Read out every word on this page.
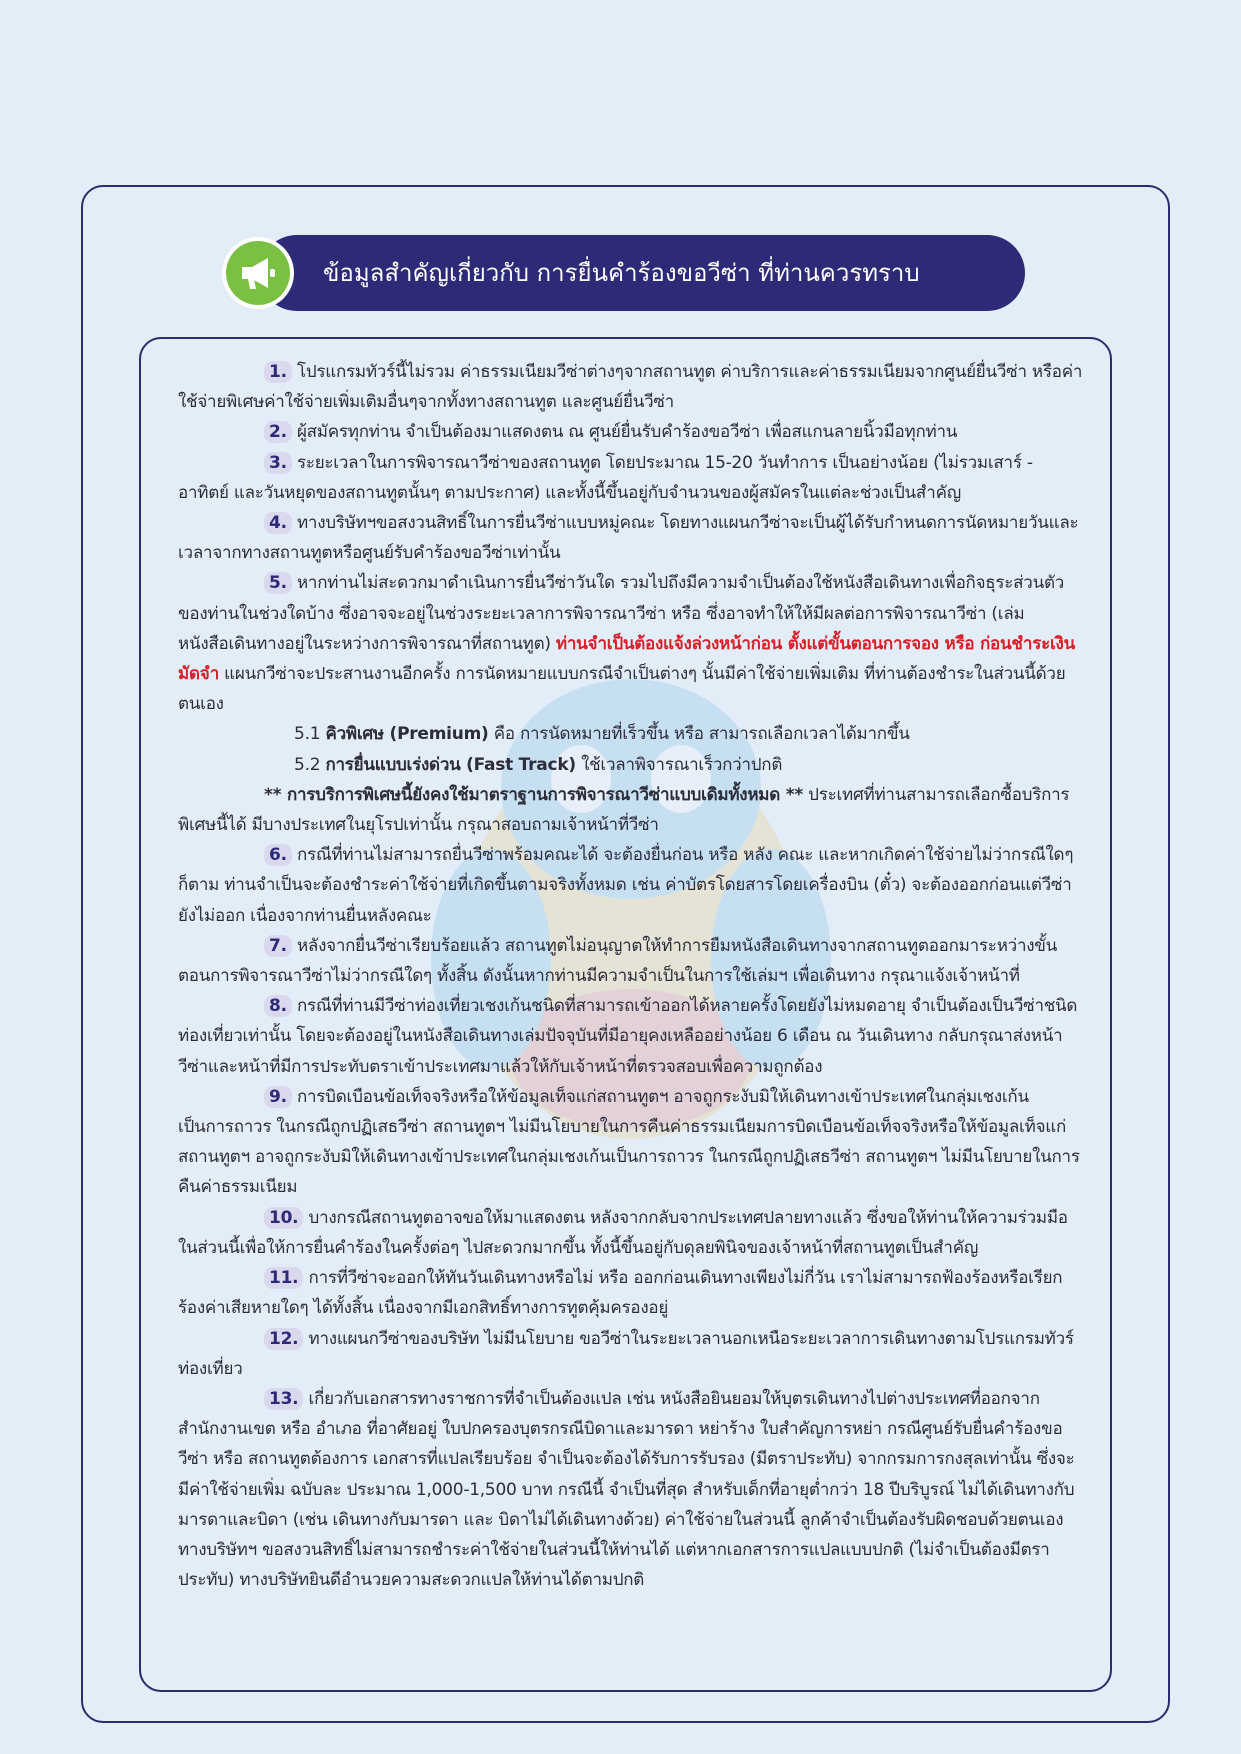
ข้อมูลสำคัญเกี่ยวกับ การยื่นคำร้องขอวีซ่า ที่ท่านควรทราบ

1. โปรแกรมทัวร์นี้ไม่รวม ค่าธรรมเนียมวีซ่าต่างๆจากสถานทูต ค่าบริการและค่าธรรมเนียมจากศูนย์ยื่นวีซ่า หรือค่าใช้จ่ายพิเศษค่าใช้จ่ายเพิ่มเติมอื่นๆจากทั้งทางสถานทูต และศูนย์ยื่นวีซ่า

2. ผู้สมัครทุกท่าน จำเป็นต้องมาแสดงตน ณ ศูนย์ยื่นรับคำร้องขอวีซ่า เพื่อสแกนลายนิ้วมือทุกท่าน

3. ระยะเวลาในการพิจารณาวีซ่าของสถานทูต โดยประมาณ 15-20 วันทำการ เป็นอย่างน้อย (ไม่รวมเสาร์ - อาทิตย์ และวันหยุดของสถานทูตนั้นๆ ตามประกาศ) และทั้งนี้ขึ้นอยู่กับจำนวนของผู้สมัครในแต่ละช่วงเป็นสำคัญ

4. ทางบริษัทฯขอสงวนสิทธิ์ในการยื่นวีซ่าแบบหมู่คณะ โดยทางแผนกวีซ่าจะเป็นผู้ได้รับกำหนดการนัดหมายวันและเวลาจากทางสถานทูตหรือศูนย์รับคำร้องขอวีซ่าเท่านั้น

5. หากท่านไม่สะดวกมาดำเนินการยื่นวีซ่าวันใด รวมไปถึงมีความจำเป็นต้องใช้หนังสือเดินทางเพื่อกิจธุระส่วนตัวของท่านในช่วงใดบ้าง ซึ่งอาจจะอยู่ในช่วงระยะเวลาการพิจารณาวีซ่า หรือ ซึ่งอาจทำให้ให้มีผลต่อการพิจารณาวีซ่า (เล่มหนังสือเดินทางอยู่ในระหว่างการพิจารณาที่สถานทูต) ท่านจำเป็นต้องแจ้งล่วงหน้าก่อน ตั้งแต่ขั้นตอนการจอง หรือ ก่อนชำระเงินมัดจำ แผนกวีซ่าจะประสานงานอีกครั้ง การนัดหมายแบบกรณีจำเป็นต่างๆ นั้นมีค่าใช้จ่ายเพิ่มเติม ที่ท่านต้องชำระในส่วนนี้ด้วยตนเอง

5.1 คิวพิเศษ (Premium) คือ การนัดหมายที่เร็วขึ้น หรือ สามารถเลือกเวลาได้มากขึ้น

5.2 การยื่นแบบเร่งด่วน (Fast Track) ใช้เวลาพิจารณาเร็วกว่าปกติ

** การบริการพิเศษนี้ยังคงใช้มาตราฐานการพิจารณาวีซ่าแบบเดิมทั้งหมด ** ประเทศที่ท่านสามารถเลือกซื้อบริการพิเศษนี้ได้ มีบางประเทศในยุโรปเท่านั้น กรุณาสอบถามเจ้าหน้าที่วีซ่า

6. กรณีที่ท่านไม่สามารถยื่นวีซ่าพร้อมคณะได้ จะต้องยื่นก่อน หรือ หลัง คณะ และหากเกิดค่าใช้จ่ายไม่ว่ากรณีใดๆ ก็ตาม ท่านจำเป็นจะต้องชำระค่าใช้จ่ายที่เกิดขึ้นตามจริงทั้งหมด เช่น ค่าบัตรโดยสารโดยเครื่องบิน (ตั๋ว) จะต้องออกก่อนแต่วีซ่ายังไม่ออก เนื่องจากท่านยื่นหลังคณะ

7. หลังจากยื่นวีซ่าเรียบร้อยแล้ว สถานทูตไม่อนุญาตให้ทำการยืมหนังสือเดินทางจากสถานทูตออกมาระหว่างขั้นตอนการพิจารณาวีซ่าไม่ว่ากรณีใดๆ ทั้งสิ้น ดังนั้นหากท่านมีความจำเป็นในการใช้เล่มฯ เพื่อเดินทาง กรุณาแจ้งเจ้าหน้าที่

8. กรณีที่ท่านมีวีซ่าท่องเที่ยวเชงเก้นชนิดที่สามารถเข้าออกได้หลายครั้งโดยยังไม่หมดอายุ จำเป็นต้องเป็นวีซ่าชนิดท่องเที่ยวเท่านั้น โดยจะต้องอยู่ในหนังสือเดินทางเล่มปัจจุบันที่มีอายุคงเหลืออย่างน้อย 6 เดือน ณ วันเดินทาง กลับกรุณาส่งหน้าวีซ่าและหน้าที่มีการประทับตราเข้าประเทศมาแล้วให้กับเจ้าหน้าที่ตรวจสอบเพื่อความถูกต้อง

9. การบิดเบือนข้อเท็จจริงหรือให้ข้อมูลเท็จแก่สถานทูตฯ อาจถูกระงับมิให้เดินทางเข้าประเทศในกลุ่มเชงเก้นเป็นการถาวร ในกรณีถูกปฏิเสธวีซ่า สถานทูตฯ ไม่มีนโยบายในการคืนค่าธรรมเนียมการบิดเบือนข้อเท็จจริงหรือให้ข้อมูลเท็จแก่สถานทูตฯ อาจถูกระงับมิให้เดินทางเข้าประเทศในกลุ่มเชงเก้นเป็นการถาวร ในกรณีถูกปฏิเสธวีซ่า สถานทูตฯ ไม่มีนโยบายในการคืนค่าธรรมเนียม

10. บางกรณีสถานทูตอาจขอให้มาแสดงตน หลังจากกลับจากประเทศปลายทางแล้ว ซึ่งขอให้ท่านให้ความร่วมมือในส่วนนี้เพื่อให้การยื่นคำร้องในครั้งต่อๆ ไปสะดวกมากขึ้น ทั้งนี้ขึ้นอยู่กับดุลยพินิจของเจ้าหน้าที่สถานทูตเป็นสำคัญ

11. การที่วีซ่าจะออกให้ทันวันเดินทางหรือไม่ หรือ ออกก่อนเดินทางเพียงไม่กี่วัน เราไม่สามารถฟ้องร้องหรือเรียกร้องค่าเสียหายใดๆ ได้ทั้งสิ้น เนื่องจากมีเอกสิทธิ์ทางการทูตคุ้มครองอยู่

12. ทางแผนกวีซ่าของบริษัท ไม่มีนโยบาย ขอวีซ่าในระยะเวลานอกเหนือระยะเวลาการเดินทางตามโปรแกรมทัวร์ ท่องเที่ยว

13. เกี่ยวกับเอกสารทางราชการที่จำเป็นต้องแปล เช่น หนังสือยินยอมให้บุตรเดินทางไปต่างประเทศที่ออกจากสำนักงานเขต หรือ อำเภอ ที่อาศัยอยู่ ใบปกครองบุตรกรณีบิดาและมารดา หย่าร้าง ใบสำคัญการหย่า กรณีศูนย์รับยื่นคำร้องขอวีซ่า หรือ สถานทูตต้องการ เอกสารที่แปลเรียบร้อย จำเป็นจะต้องได้รับการรับรอง (มีตราประทับ) จากกรมการกงสุลเท่านั้น ซึ่งจะมีค่าใช้จ่ายเพิ่ม ฉบับละ ประมาณ 1,000-1,500 บาท กรณีนี้ จำเป็นที่สุด สำหรับเด็กที่อายุต่ำกว่า 18 ปีบริบูรณ์ ไม่ได้เดินทางกับ มารดาและบิดา (เช่น เดินทางกับมารดา และ บิดาไม่ได้เดินทางด้วย) ค่าใช้จ่ายในส่วนนี้ ลูกค้าจำเป็นต้องรับผิดชอบด้วยตนเอง ทางบริษัทฯ ขอสงวนสิทธิ์ไม่สามารถชำระค่าใช้จ่ายในส่วนนี้ให้ท่านได้ แต่หากเอกสารการแปลแบบปกติ (ไม่จำเป็นต้องมีตราประทับ) ทางบริษัทยินดีอำนวยความสะดวกแปลให้ท่านได้ตามปกติ
